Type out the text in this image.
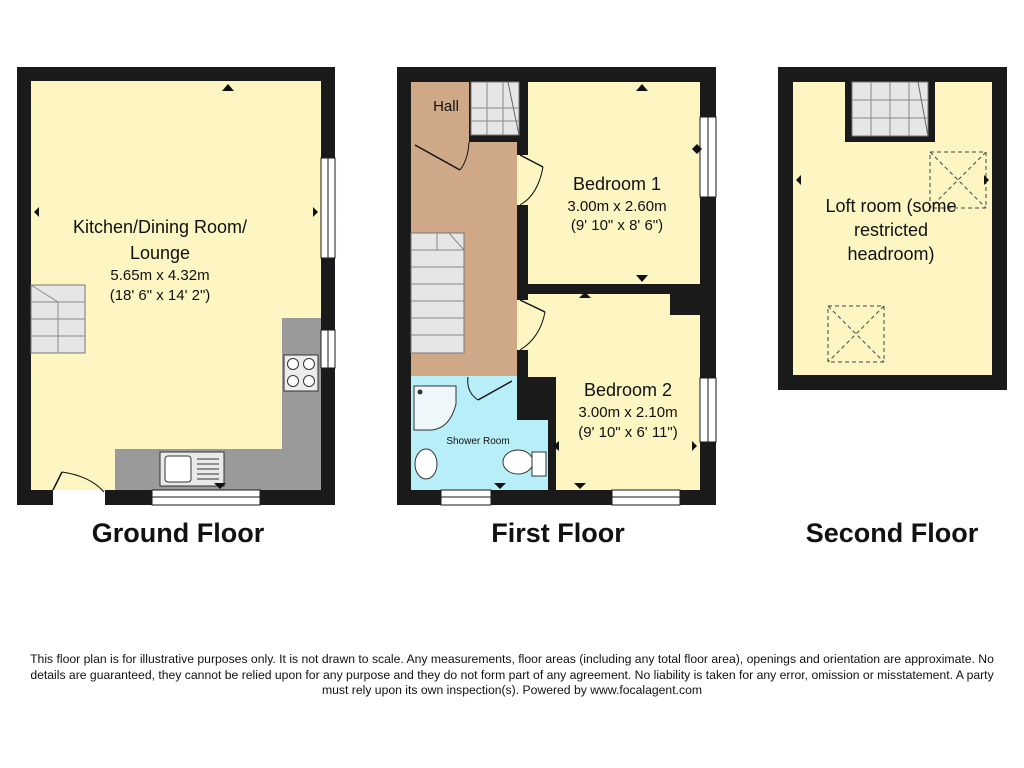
Kitchen/Dining Room/
Lounge
5.65m x 4.32m
(18' 6" x 14' 2")
Hall
Bedroom 1
3.00m x 2.60m
(9' 10" x 8' 6")
Bedroom 2
3.00m x 2.10m
(9' 10" x 6' 11")
Shower Room
Loft room (some
restricted
headroom)
Ground Floor	First Floor	Second Floor
This floor plan is for illustrative purposes only. It is not drawn to scale. Any measurements, floor areas (including any total floor area), openings and orientation are approximate. No
details are guaranteed, they cannot be relied upon for any purpose and they do not form part of any agreement. No liability is taken for any error, omission or misstatement. A party
must rely upon its own inspection(s). Powered by www.focalagent.com
